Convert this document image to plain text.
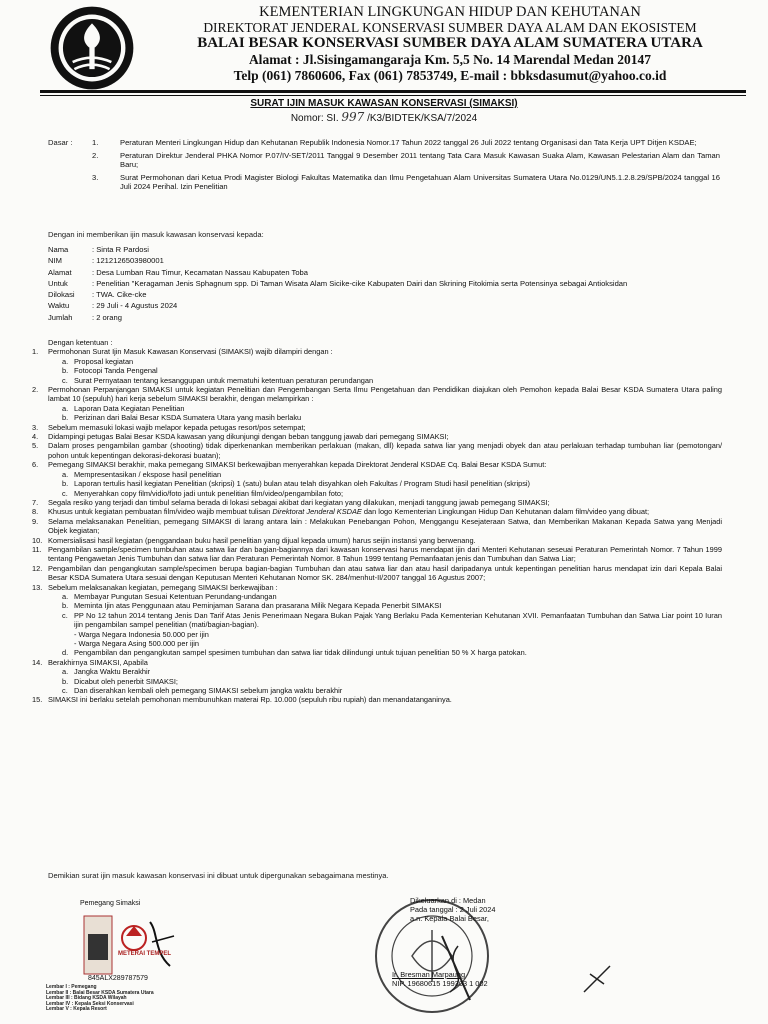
KEMENTERIAN LINGKUNGAN HIDUP DAN KEHUTANAN
DIREKTORAT JENDERAL KONSERVASI SUMBER DAYA ALAM DAN EKOSISTEM
BALAI BESAR KONSERVASI SUMBER DAYA ALAM SUMATERA UTARA
Alamat : Jl.Sisingamangaraja Km. 5,5 No. 14 Marendal Medan 20147
Telp (061) 7860606, Fax (061) 7853749, E-mail : bbksdasumut@yahoo.co.id
SURAT IJIN MASUK KAWASAN KONSERVASI (SIMAKSI)
Nomor: SI. 997 /K3/BIDTEK/KSA/7/2024
Dasar :	1.	Peraturan Menteri Lingkungan Hidup dan Kehutanan Republik Indonesia Nomor.17 Tahun 2022 tanggal 26 Juli 2022 tentang Organisasi dan Tata Kerja UPT Ditjen KSDAE;
2.	Peraturan Direktur Jenderal PHKA Nomor P.07/IV-SET/2011 Tanggal 9 Desember 2011 tentang Tata Cara Masuk Kawasan Suaka Alam, Kawasan Pelestarian Alam dan Taman Baru;
3.	Surat Permohonan dari Ketua Prodi Magister Biologi Fakultas Matematika dan Ilmu Pengetahuan Alam Universitas Sumatera Utara No.0129/UN5.1.2.8.29/SPB/2024 tanggal 16 Juli 2024 Perihal. Izin Penelitian
Dengan ini memberikan ijin masuk kawasan konservasi kepada:
Nama	: Sinta R Pardosi
NIM	: 1212126503980001
Alamat	: Desa Lumban Rau Timur, Kecamatan Nassau Kabupaten Toba
Untuk	: Penelitian "Keragaman Jenis Sphagnum spp. Di Taman Wisata Alam Sicike-cike Kabupaten Dairi dan Skrining Fitokimia serta Potensinya sebagai Antioksidan
Dilokasi	: TWA. Cike-cke
Waktu	: 29 Juli - 4 Agustus 2024
Jumlah	: 2 orang
Dengan ketentuan :
1.	Permohonan Surat Ijin Masuk Kawasan Konservasi (SIMAKSI) wajib dilampiri dengan :
a. Proposal kegiatan
b. Fotocopi Tanda Pengenal
c. Surat Pernyataan tentang kesanggupan untuk mematuhi ketentuan peraturan perundangan
2.	Permohonan Perpanjangan SIMAKSI untuk kegiatan Penelitian dan Pengembangan Serta Ilmu Pengetahuan dan Pendidikan diajukan oleh Pemohon kepada Balai Besar KSDA Sumatera Utara paling lambat 10 (sepuluh) hari kerja sebelum SIMAKSI berakhir, dengan melampirkan :
a. Laporan Data Kegiatan Penelitian
b. Perizinan dari Balai Besar KSDA Sumatera Utara yang masih berlaku
3.	Sebelum memasuki lokasi wajib melapor kepada petugas resort/pos setempat;
4.	Didampingi petugas Balai Besar KSDA kawasan yang dikunjungi dengan beban tanggung jawab dari pemegang SIMAKSI;
5.	Dalam proses pengambilan gambar (shooting) tidak diperkenankan memberikan perlakuan (makan, dll) kepada satwa liar yang menjadi obyek dan atau perlakuan terhadap tumbuhan liar (pemotongan/ pohon untuk kepentingan dekorasi-dekorasi buatan);
6.	Pemegang SIMAKSI berakhir, maka pemegang SIMAKSI berkewajiban menyerahkan kepada Direktorat Jenderal KSDAE Cq. Balai Besar KSDA Sumut:
a. Mempresentasikan / ekspose hasil penelitian
b. Laporan tertulis hasil kegiatan Penelitian (skripsi) 1 (satu) bulan atau telah disyahkan oleh Fakultas / Program Studi hasil penelitian (skripsi)
c. Menyerahkan copy film/vidio/foto jadi untuk penelitian film/video/pengambilan foto;
7.	Segala resiko yang terjadi dan timbul selama berada di lokasi sebagai akibat dari kegiatan yang dilakukan, menjadi tanggung jawab pemegang SIMAKSI;
8.	Khusus untuk kegiatan pembuatan film/video wajib membuat tulisan Direktorat Jenderal KSDAE dan logo Kementerian Lingkungan Hidup Dan Kehutanan dalam film/video yang dibuat;
9.	Selama melaksanakan Penelitian, pemegang SIMAKSI di larang antara lain : Melakukan Penebangan Pohon, Menggangu Kesejateraan Satwa, dan Memberikan Makanan Kepada Satwa yang Menjadi Objek kegiatan;
10. Komersialisasi hasil kegiatan (penggandaan buku hasil penelitian yang dijual kepada umum) harus seijin instansi yang berwenang.
11. Pengambilan sample/specimen tumbuhan atau satwa liar dan bagian-bagiannya dari kawasan konservasi harus mendapat ijin dari Menteri Kehutanan seseuai Peraturan Pemerintah Nomor. 7 Tahun 1999 tentang Pengawetan Jenis Tumbuhan dan satwa liar dan Peraturan Pemerintah Nomor. 8 Tahun 1999 tentang Pemanfaatan jenis dan Tumbuhan dan Satwa Liar;
12. Pengambilan dan pengangkutan sample/specimen berupa bagian-bagian Tumbuhan dan atau satwa liar dan atau hasil daripadanya untuk kepentingan penelitian harus mendapat izin dari Kepala Balai Besar KSDA Sumatera Utara sesuai dengan Keputusan Menteri Kehutanan Nomor SK. 284/menhut-II/2007 tanggal 16 Agustus 2007;
13. Sebelum melaksanakan kegiatan, pemegang SIMAKSI berkewajiban :
a. Membayar Pungutan Sesuai Ketentuan Perundang-undangan
b. Meminta Ijin atas Penggunaan atau Peminjaman Sarana dan prasarana Milik Negara Kepada Penerbit SIMAKSI
c. PP No 12 tahun 2014 tentang Jenis Dan Tarif Atas Jenis Penerimaan Negara Bukan Pajak Yang Berlaku Pada Kementerian Kehutanan XVII. Pemanfaatan Tumbuhan dan Satwa Liar point 10 Iuran ijin pengambilan sampel penelitian (mati/bagian-bagian).
- Warga Negara Indonesia 50.000 per ijin
- Warga Negara Asing 500.000 per ijin
d. Pengambilan dan pengangkutan sampel spesimen tumbuhan dan satwa liar tidak dilindungi untuk tujuan penelitian 50 % X harga patokan.
14. Berakhirnya SIMAKSI, Apabila
a. Jangka Waktu Berakhir
b. Dicabut oleh penerbit SIMAKSI;
c. Dan diserahkan kembali oleh pemegang SIMAKSI sebelum jangka waktu berakhir
15. SIMAKSI ini berlaku setelah pemohonan membunuhkan materai Rp. 10.000 (sepuluh ribu rupiah) dan menandatanganinya.
Demikian surat ijin masuk kawasan konservasi ini dibuat untuk dipergunakan sebagaimana mestinya.
Pemegang Simaksi
METERAI TEMPEL
845ALX289787579
Dikeluarkan di : Medan
Pada tanggal : 2 Juli 2024
a.n. Kepala Balai Besar,
Ir. Bresman Marpaung
NIP. 19680615 199303 1 002
Lembar I : Pemegang
Lembar II : Balai Besar KSDA Sumatera Utara
Lembar III : Bidang KSDA Wilayah
Lembar IV : Kepala Seksi Konservasi
Lembar V : Kepala Resort
